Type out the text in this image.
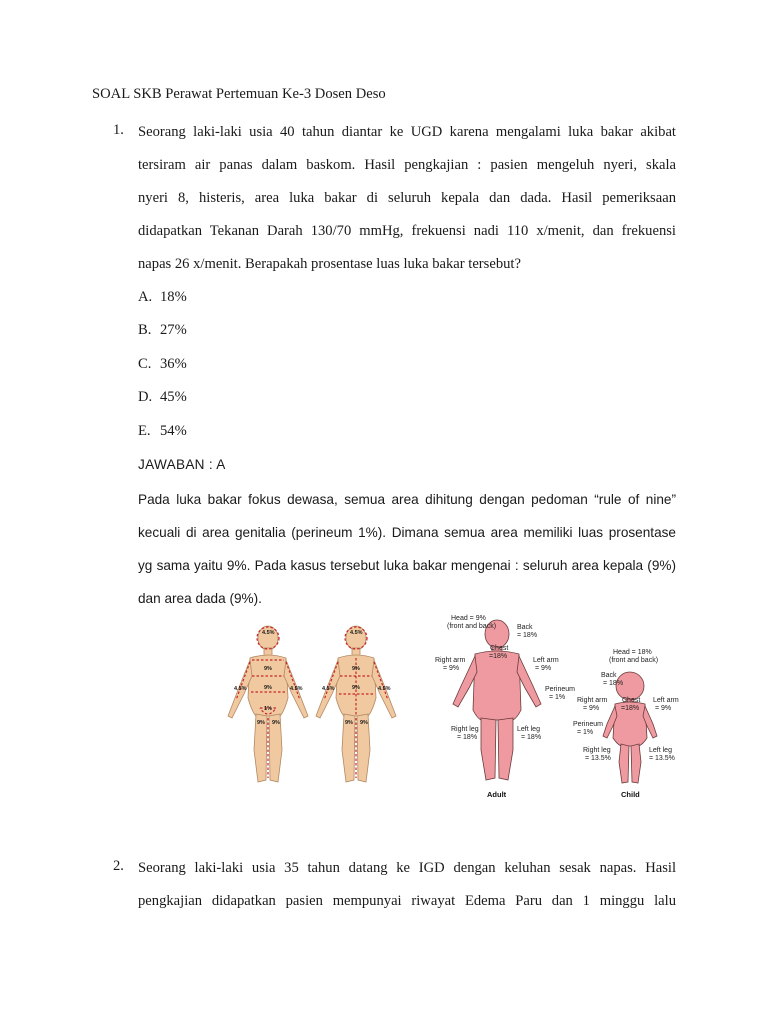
SOAL SKB Perawat Pertemuan Ke-3 Dosen Deso
1. Seorang laki-laki usia 40 tahun diantar ke UGD karena mengalami luka bakar akibat
tersiram air panas dalam baskom. Hasil pengkajian : pasien mengeluh nyeri, skala
nyeri 8, histeris, area luka bakar di seluruh kepala dan dada. Hasil pemeriksaan
didapatkan Tekanan Darah 130/70 mmHg, frekuensi nadi 110 x/menit, dan frekuensi
napas 26 x/menit. Berapakah prosentase luas luka bakar tersebut?
A. 18%
B. 27%
C. 36%
D. 45%
E. 54%
JAWABAN : A
Pada luka bakar fokus dewasa, semua area dihitung dengan pedoman “rule of nine”
kecuali di area genitalia (perineum 1%). Dimana semua area memiliki luas prosentase
yg sama yaitu 9%. Pada kasus tersebut luka bakar mengenai : seluruh area kepala (9%)
dan area dada (9%).
4.5%
9%
9%
4.5%	4.5%
1%
9% 9%
4.5%
9%
9%
4.5%	4.5%
9% 9%
Head = 9%
(front and back)	Back
= 18%
Chest
=18%
Right arm
= 9%
Left arm
= 9%
Perineum
= 1%
Right leg
= 18%
Left leg
= 18%
Adult
Head = 18%
(front and back)
Back
= 18%
Chest
=18%
Right arm
= 9%
Left arm
= 9%
Perineum
= 1%
Right leg
= 13.5%
Left leg
= 13.5%
Child
2. Seorang laki-laki usia 35 tahun datang ke IGD dengan keluhan sesak napas. Hasil
pengkajian didapatkan pasien mempunyai riwayat Edema Paru dan 1 minggu lalu
